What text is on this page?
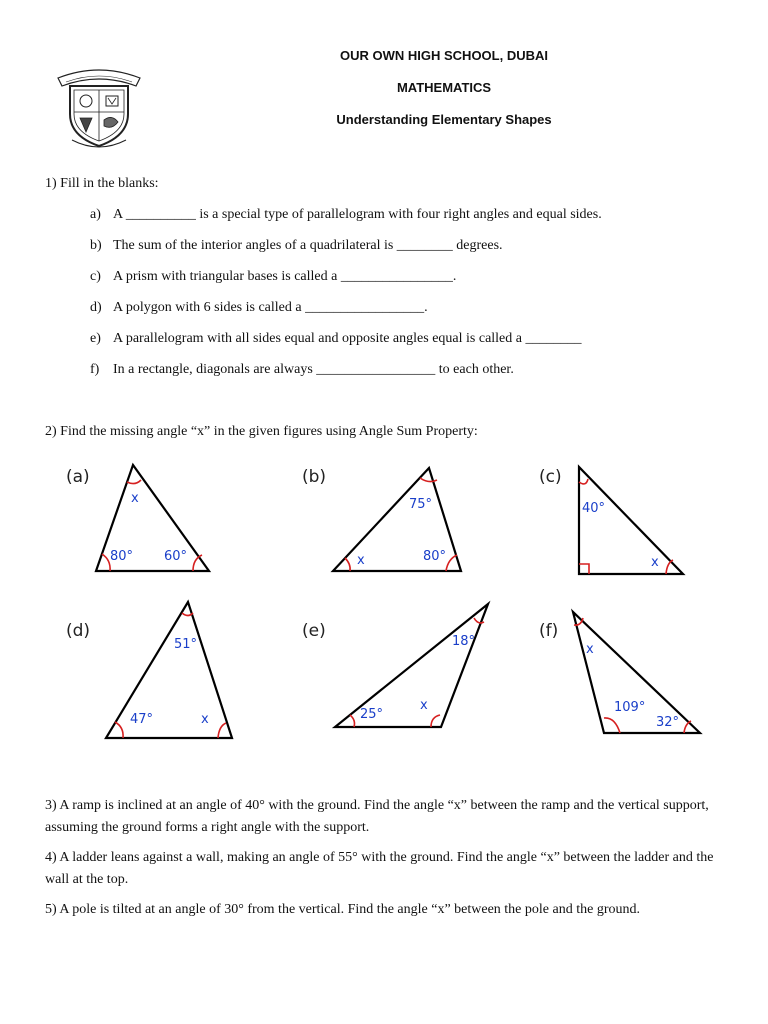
OUR OWN HIGH SCHOOL, DUBAI
MATHEMATICS
Understanding Elementary Shapes
1) Fill in the blanks:
a) A __________ is a special type of parallelogram with four right angles and equal sides.
b) The sum of the interior angles of a quadrilateral is ________ degrees.
c) A prism with triangular bases is called a ________________.
d) A polygon with 6 sides is called a _________________.
e) A parallelogram with all sides equal and opposite angles equal is called a ________
f) In a rectangle, diagonals are always _________________ to each other.
2) Find the missing angle “x” in the given figures using Angle Sum Property:
(a)	(b)	(c)
(d)	(e)	(f)
x
80° 60°
75°
x	80°
40°
x
51°
47°	x
18°
25°
x
x
109°
32°
3) A ramp is inclined at an angle of 40° with the ground. Find the angle “x” between the ramp and the vertical support, assuming the ground forms a right angle with the support.
4) A ladder leans against a wall, making an angle of 55° with the ground. Find the angle “x” between the ladder and the wall at the top.
5) A pole is tilted at an angle of 30° from the vertical. Find the angle “x” between the pole and the ground.
